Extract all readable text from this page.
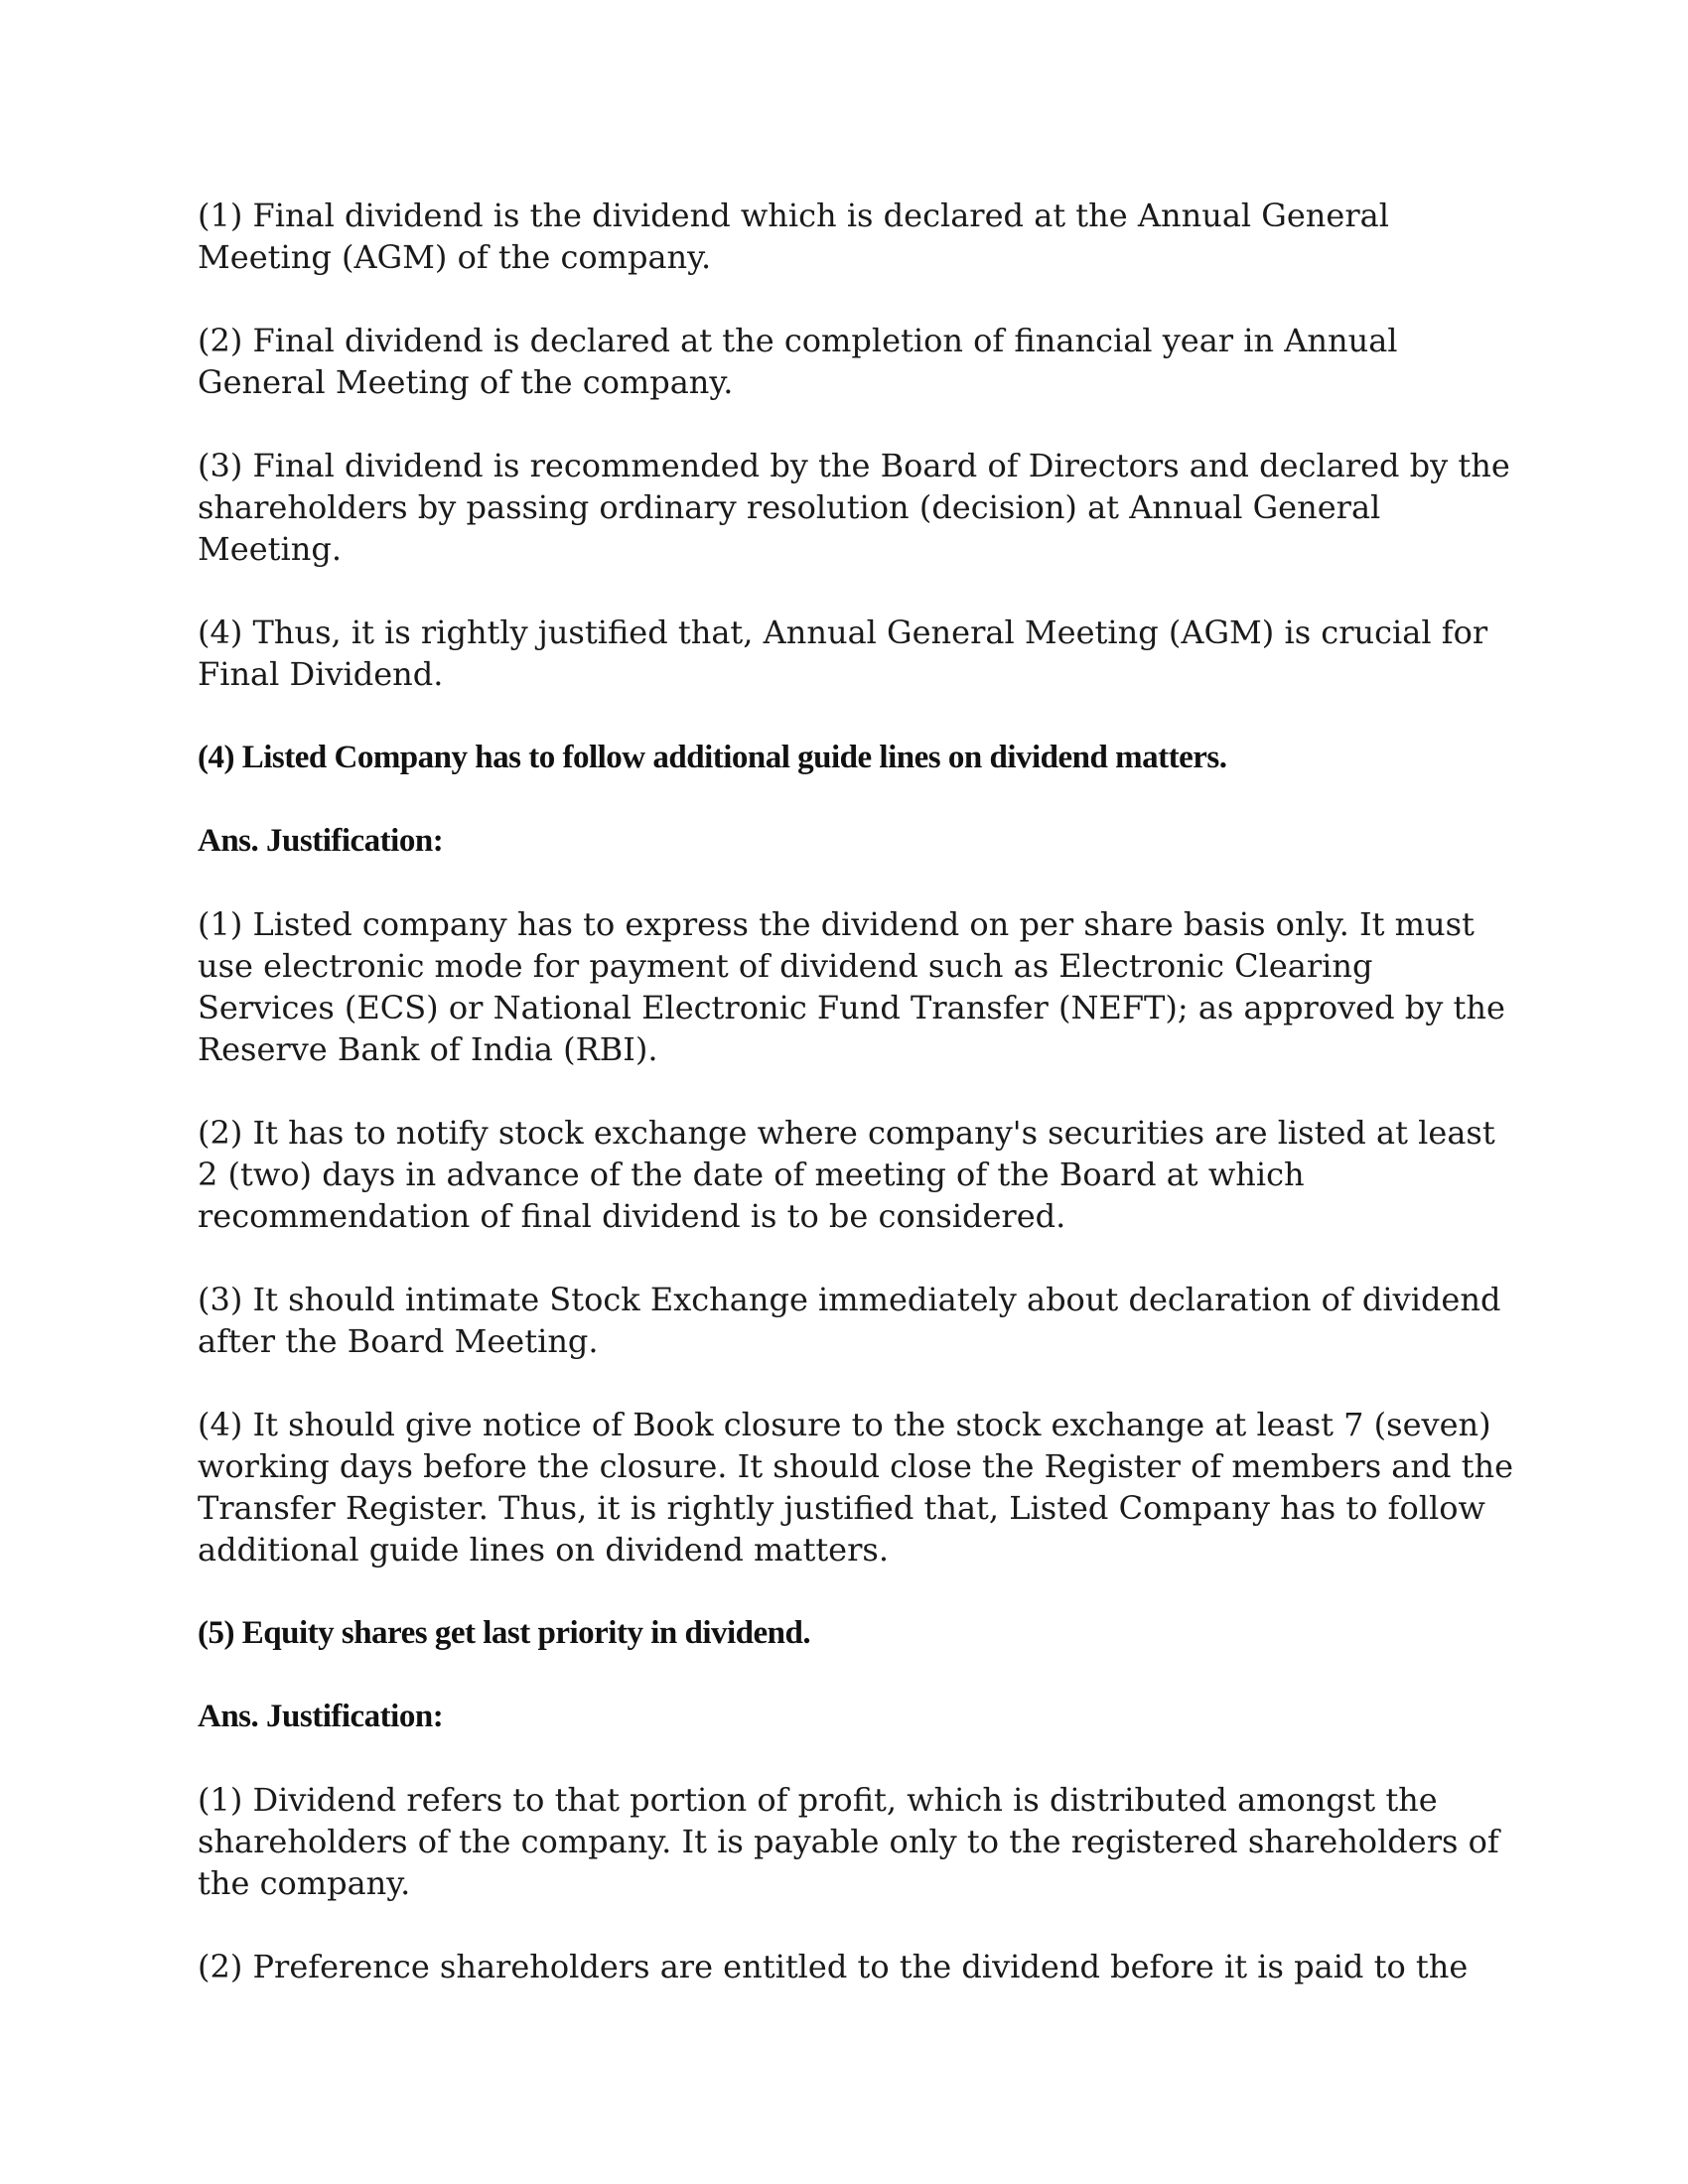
(1) Final dividend is the dividend which is declared at the Annual General Meeting (AGM) of the company.

(2) Final dividend is declared at the completion of financial year in Annual General Meeting of the company.

(3) Final dividend is recommended by the Board of Directors and declared by the shareholders by passing ordinary resolution (decision) at Annual General Meeting.

(4) Thus, it is rightly justified that, Annual General Meeting (AGM) is crucial for Final Dividend.

(4) Listed Company has to follow additional guide lines on dividend matters.

Ans. Justification:

(1) Listed company has to express the dividend on per share basis only. It must use electronic mode for payment of dividend such as Electronic Clearing Services (ECS) or National Electronic Fund Transfer (NEFT); as approved by the Reserve Bank of India (RBI).

(2) It has to notify stock exchange where company's securities are listed at least 2 (two) days in advance of the date of meeting of the Board at which recommendation of final dividend is to be considered.

(3) It should intimate Stock Exchange immediately about declaration of dividend after the Board Meeting.

(4) It should give notice of Book closure to the stock exchange at least 7 (seven) working days before the closure. It should close the Register of members and the Transfer Register. Thus, it is rightly justified that, Listed Company has to follow additional guide lines on dividend matters.

(5) Equity shares get last priority in dividend.

Ans. Justification:

(1) Dividend refers to that portion of profit, which is distributed amongst the shareholders of the company. It is payable only to the registered shareholders of the company.

(2) Preference shareholders are entitled to the dividend before it is paid to the
